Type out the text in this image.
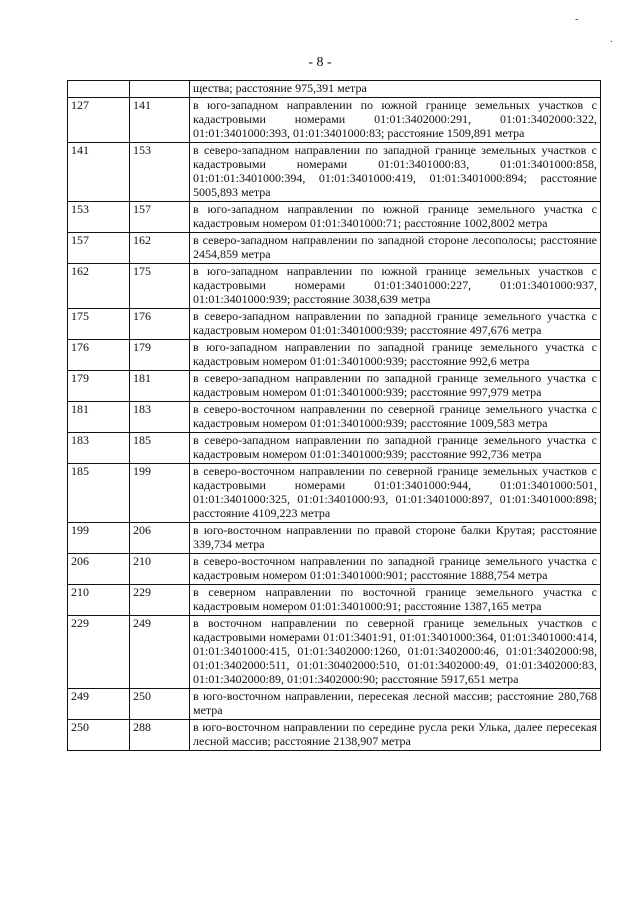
- 8 -
-
.
		щества; расстояние 975,391 метра
127	141	в юго-западном направлении по южной границе земельных участков с кадастровыми номерами 01:01:3402000:291, 01:01:3402000:322, 01:01:3401000:393, 01:01:3401000:83; расстояние 1509,891 метра
141	153	в северо-западном направлении по западной границе земельных участков с кадастровыми номерами 01:01:3401000:83, 01:01:3401000:858, 01:01:01:3401000:394, 01:01:3401000:419, 01:01:3401000:894; расстояние 5005,893 метра
153	157	в юго-западном направлении по южной границе земельного участка с кадастровым номером 01:01:3401000:71; расстояние 1002,8002 метра
157	162	в северо-западном направлении по западной стороне лесополосы; расстояние 2454,859 метра
162	175	в юго-западном направлении по южной границе земельных участков с кадастровыми номерами 01:01:3401000:227, 01:01:3401000:937, 01:01:3401000:939; расстояние 3038,639 метра
175	176	в северо-западном направлении по западной границе земельного участка с кадастровым номером 01:01:3401000:939; расстояние 497,676 метра
176	179	в юго-западном направлении по западной границе земельного участка с кадастровым номером 01:01:3401000:939; расстояние 992,6 метра
179	181	в северо-западном направлении по западной границе земельного участка с кадастровым номером 01:01:3401000:939; расстояние 997,979 метра
181	183	в северо-восточном направлении по северной границе земельного участка с кадастровым номером 01:01:3401000:939; расстояние 1009,583 метра
183	185	в северо-западном направлении по западной границе земельного участка с кадастровым номером 01:01:3401000:939; расстояние 992,736 метра
185	199	в северо-восточном направлении по северной границе земельных участков с кадастровыми номерами 01:01:3401000:944, 01:01:3401000:501, 01:01:3401000:325, 01:01:3401000:93, 01:01:3401000:897, 01:01:3401000:898; расстояние 4109,223 метра
199	206	в юго-восточном направлении по правой стороне балки Крутая; расстояние 339,734 метра
206	210	в северо-восточном направлении по западной границе земельного участка с кадастровым номером 01:01:3401000:901; расстояние 1888,754 метра
210	229	в северном направлении по восточной границе земельного участка с кадастровым номером 01:01:3401000:91; расстояние 1387,165 метра
229	249	в восточном направлении по северной границе земельных участков с кадастровыми номерами 01:01:3401:91, 01:01:3401000:364, 01:01:3401000:414, 01:01:3401000:415, 01:01:3402000:1260, 01:01:3402000:46, 01:01:3402000:98, 01:01:3402000:511, 01:01:30402000:510, 01:01:3402000:49, 01:01:3402000:83, 01:01:3402000:89, 01:01:3402000:90; расстояние 5917,651 метра
249	250	в юго-восточном направлении, пересекая лесной массив; расстояние 280,768 метра
250	288	в юго-восточном направлении по середине русла реки Улька, далее пересекая лесной массив; расстояние 2138,907 метра
